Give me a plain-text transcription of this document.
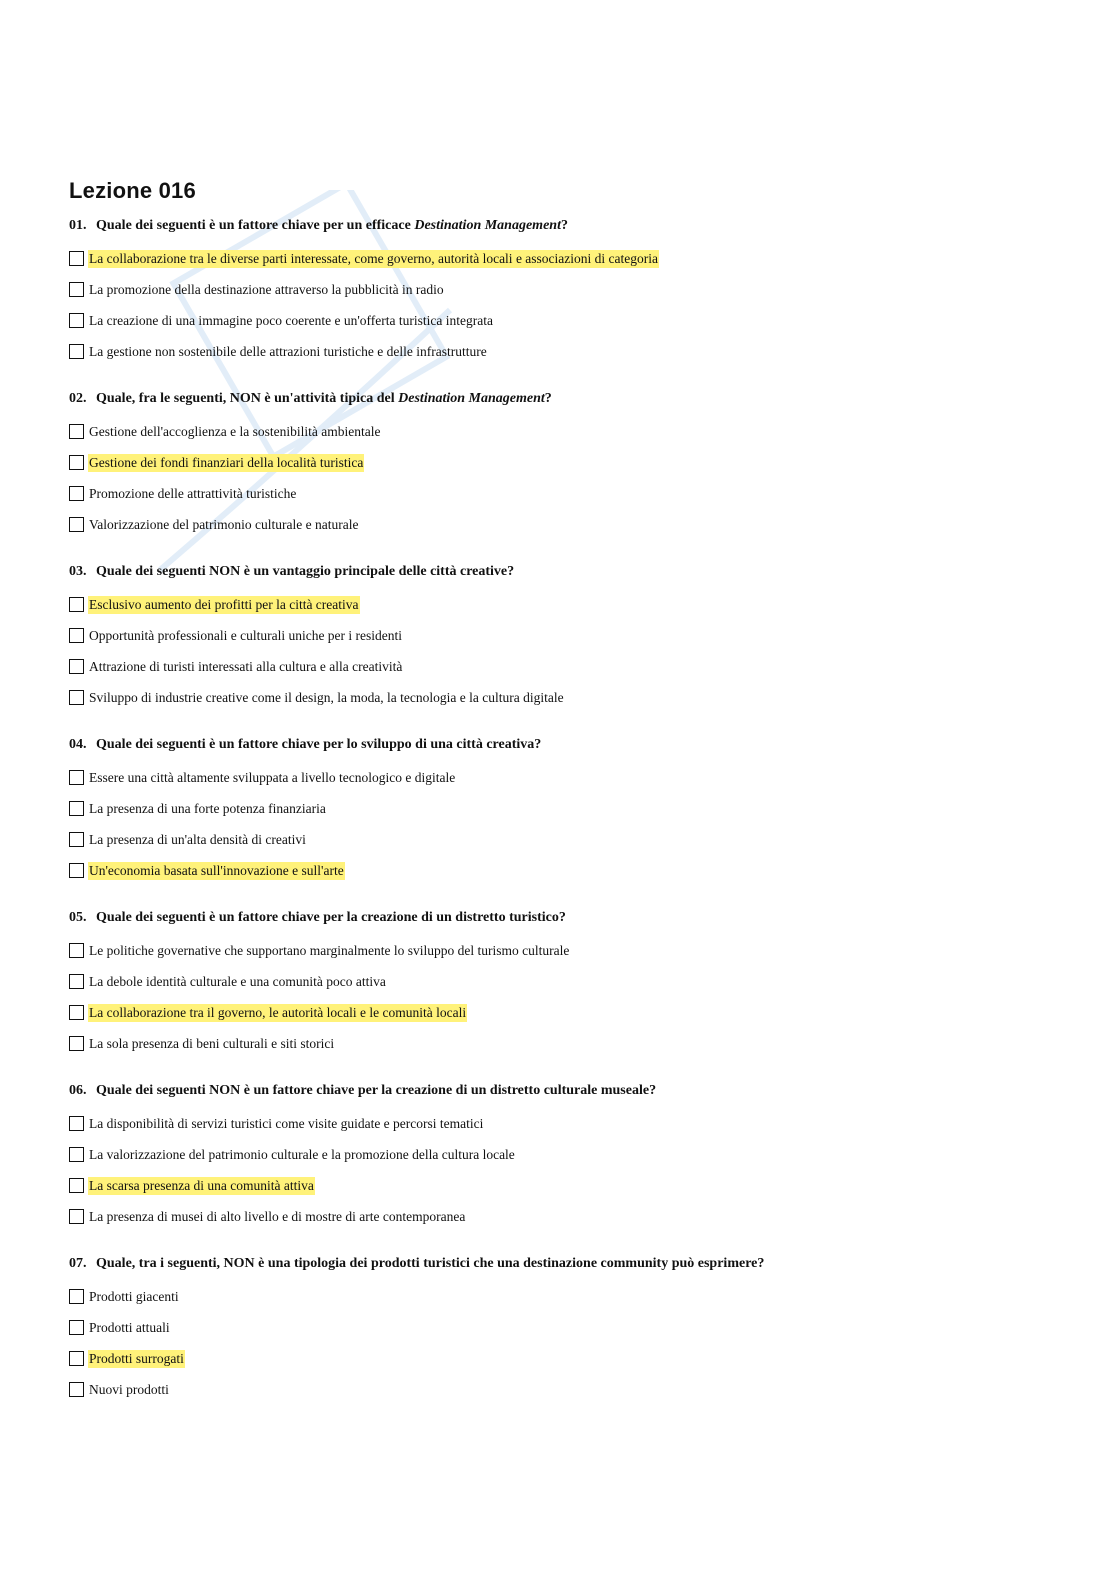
Lezione 016

01. Quale dei seguenti è un fattore chiave per un efficace Destination Management?

La collaborazione tra le diverse parti interessate, come governo, autorità locali e associazioni di categoria
La promozione della destinazione attraverso la pubblicità in radio
La creazione di una immagine poco coerente e un'offerta turistica integrata
La gestione non sostenibile delle attrazioni turistiche e delle infrastrutture

02. Quale, fra le seguenti, NON è un'attività tipica del Destination Management?

Gestione dell'accoglienza e la sostenibilità ambientale
Gestione dei fondi finanziari della località turistica
Promozione delle attrattività turistiche
Valorizzazione del patrimonio culturale e naturale

03. Quale dei seguenti NON è un vantaggio principale delle città creative?

Esclusivo aumento dei profitti per la città creativa
Opportunità professionali e culturali uniche per i residenti
Attrazione di turisti interessati alla cultura e alla creatività
Sviluppo di industrie creative come il design, la moda, la tecnologia e la cultura digitale

04. Quale dei seguenti è un fattore chiave per lo sviluppo di una città creativa?

Essere una città altamente sviluppata a livello tecnologico e digitale
La presenza di una forte potenza finanziaria
La presenza di un'alta densità di creativi
Un'economia basata sull'innovazione e sull'arte

05. Quale dei seguenti è un fattore chiave per la creazione di un distretto turistico?

Le politiche governative che supportano marginalmente lo sviluppo del turismo culturale
La debole identità culturale e una comunità poco attiva
La collaborazione tra il governo, le autorità locali e le comunità locali
La sola presenza di beni culturali e siti storici

06. Quale dei seguenti NON è un fattore chiave per la creazione di un distretto culturale museale?

La disponibilità di servizi turistici come visite guidate e percorsi tematici
La valorizzazione del patrimonio culturale e la promozione della cultura locale
La scarsa presenza di una comunità attiva
La presenza di musei di alto livello e di mostre di arte contemporanea

07. Quale, tra i seguenti, NON è una tipologia dei prodotti turistici che una destinazione community può esprimere?

Prodotti giacenti
Prodotti attuali
Prodotti surrogati
Nuovi prodotti
